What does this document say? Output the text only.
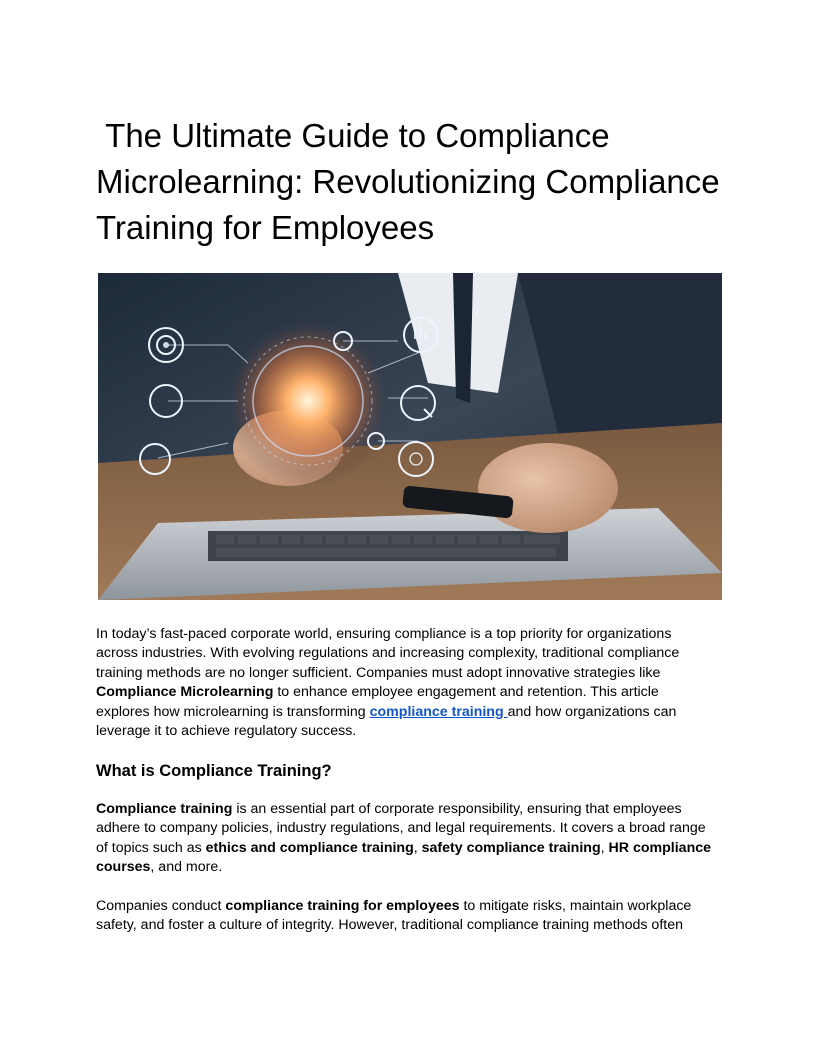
The Ultimate Guide to Compliance Microlearning: Revolutionizing Compliance Training for Employees

In today’s fast-paced corporate world, ensuring compliance is a top priority for organizations across industries. With evolving regulations and increasing complexity, traditional compliance training methods are no longer sufficient. Companies must adopt innovative strategies like Compliance Microlearning to enhance employee engagement and retention. This article explores how microlearning is transforming compliance training and how organizations can leverage it to achieve regulatory success.

What is Compliance Training?

Compliance training is an essential part of corporate responsibility, ensuring that employees adhere to company policies, industry regulations, and legal requirements. It covers a broad range of topics such as ethics and compliance training, safety compliance training, HR compliance courses, and more.

Companies conduct compliance training for employees to mitigate risks, maintain workplace safety, and foster a culture of integrity. However, traditional compliance training methods often
